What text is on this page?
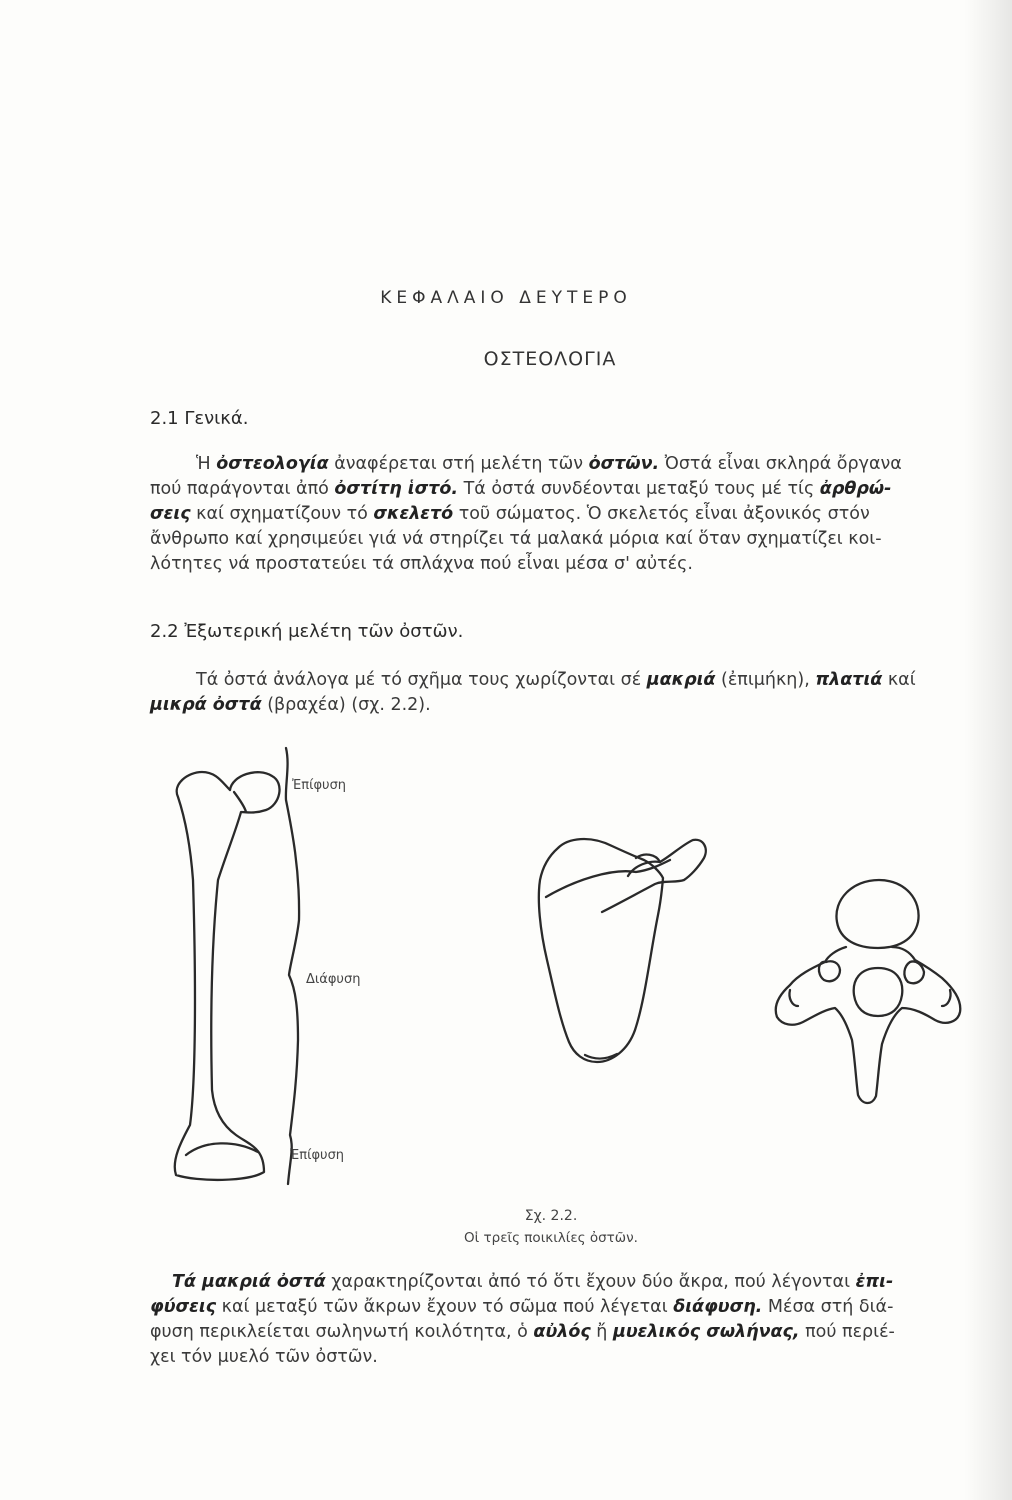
ΚΕΦΑΛΑΙΟ ΔΕΥΤΕΡΟ
ΟΣΤΕΟΛΟΓΙΑ
2.1 Γενικά.
Ἡ ὀστεολογία ἀναφέρεται στή μελέτη τῶν ὀστῶν. Ὀστά εἶναι σκληρά ὄργανα
πού παράγονται ἀπό ὀστίτη ἱστό. Τά ὀστά συνδέονται μεταξύ τους μέ τίς ἀρθρώ-
σεις καί σχηματίζουν τό σκελετό τοῦ σώματος. Ὁ σκελετός εἶναι ἀξονικός στόν
ἄνθρωπο καί χρησιμεύει γιά νά στηρίζει τά μαλακά μόρια καί ὅταν σχηματίζει κοι-
λότητες νά προστατεύει τά σπλάχνα πού εἶναι μέσα σ' αὐτές.
2.2 Ἐξωτερική μελέτη τῶν ὀστῶν.
Τά ὀστά ἀνάλογα μέ τό σχῆμα τους χωρίζονται σέ μακριά (ἐπιμήκη), πλατιά καί
μικρά ὀστά (βραχέα) (σχ. 2.2).
Ἐπίφυση
Διάφυση
Ἐπίφυση
Σχ. 2.2.
Οἱ τρεῖς ποικιλίες ὀστῶν.
Τά μακριά ὀστά χαρακτηρίζονται ἀπό τό ὅτι ἔχουν δύο ἄκρα, πού λέγονται ἐπι-
φύσεις καί μεταξύ τῶν ἄκρων ἔχουν τό σῶμα πού λέγεται διάφυση. Μέσα στή διά-
φυση περικλείεται σωληνωτή κοιλότητα, ὁ αὐλός ἤ μυελικός σωλήνας, πού περιέ-
χει τόν μυελό τῶν ὀστῶν.
